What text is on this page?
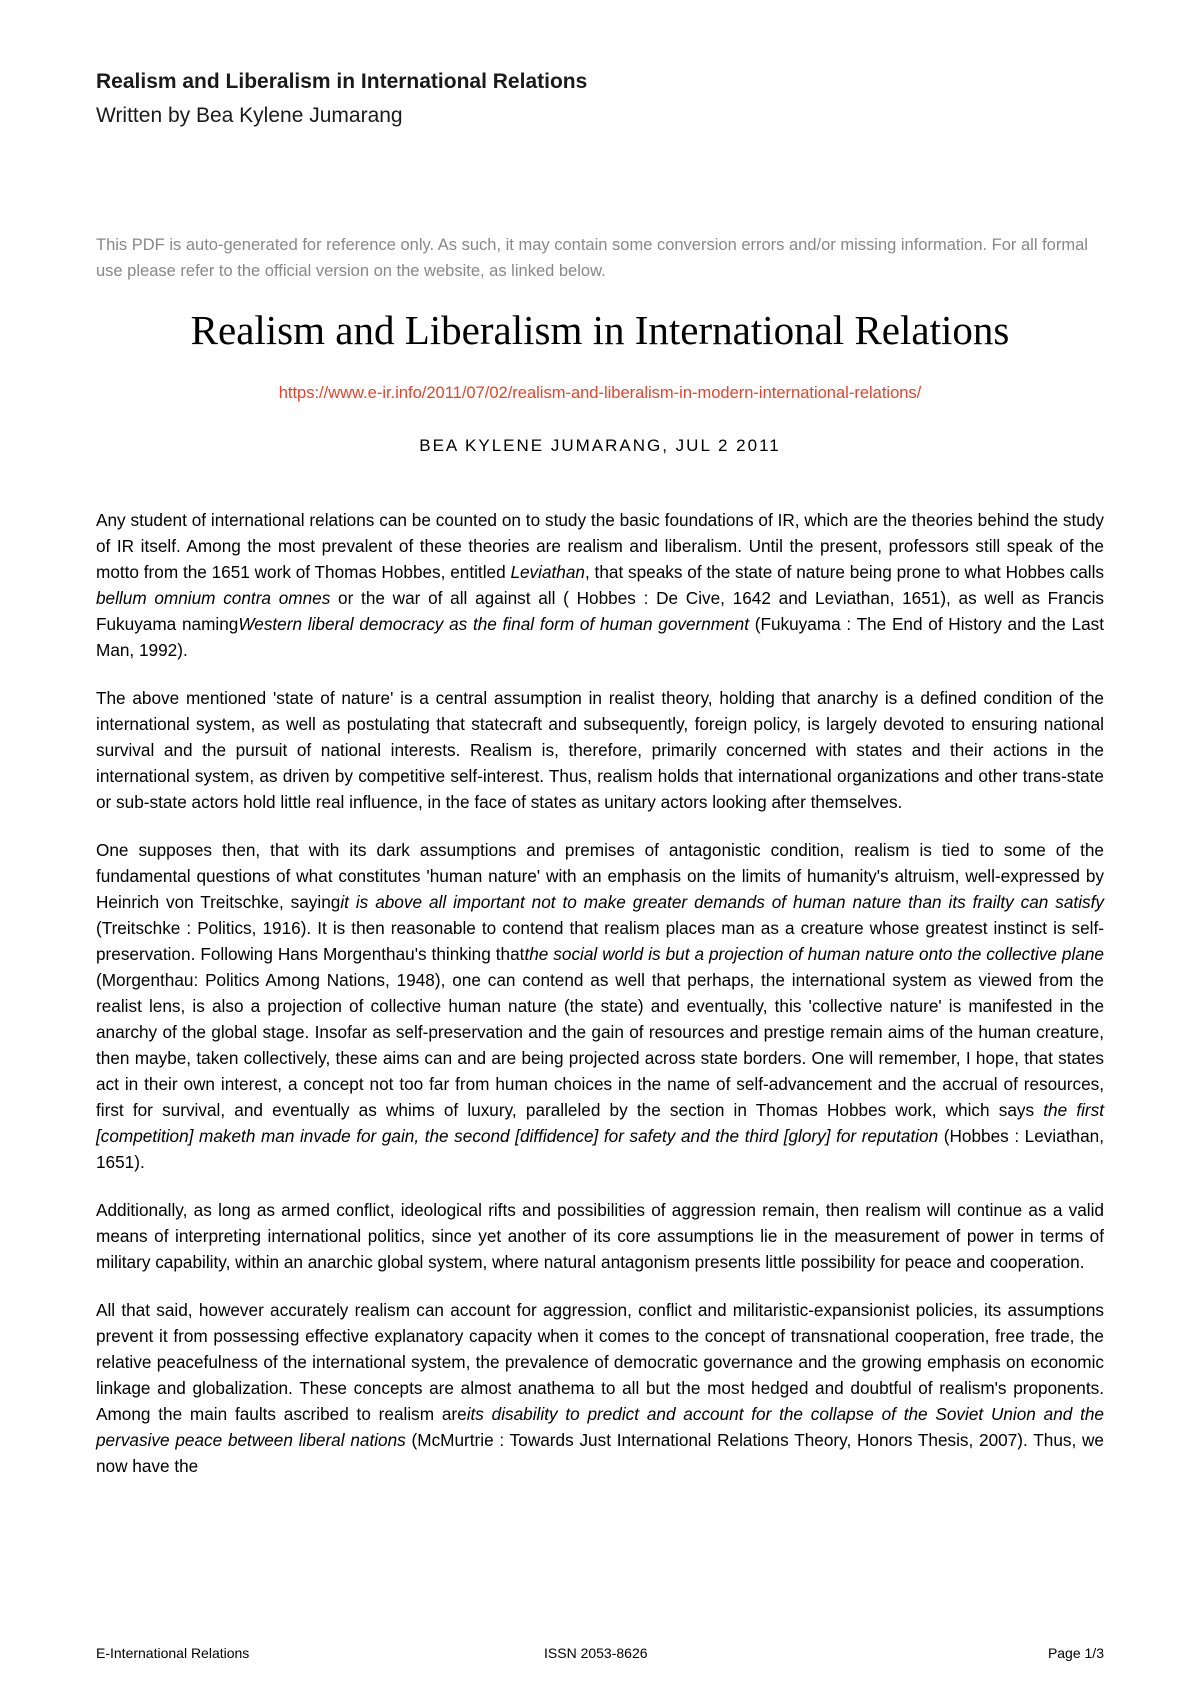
Realism and Liberalism in International Relations
Written by Bea Kylene Jumarang
This PDF is auto-generated for reference only. As such, it may contain some conversion errors and/or missing information. For all formal use please refer to the official version on the website, as linked below.
Realism and Liberalism in International Relations
https://www.e-ir.info/2011/07/02/realism-and-liberalism-in-modern-international-relations/
BEA KYLENE JUMARANG, JUL 2 2011

Any student of international relations can be counted on to study the basic foundations of IR, which are the theories behind the study of IR itself. Among the most prevalent of these theories are realism and liberalism. Until the present, professors still speak of the motto from the 1651 work of Thomas Hobbes, entitled Leviathan, that speaks of the state of nature being prone to what Hobbes calls bellum omnium contra omnes or the war of all against all ( Hobbes : De Cive, 1642 and Leviathan, 1651), as well as Francis Fukuyama namingWestern liberal democracy as the final form of human government (Fukuyama : The End of History and the Last Man, 1992).

The above mentioned 'state of nature' is a central assumption in realist theory, holding that anarchy is a defined condition of the international system, as well as postulating that statecraft and subsequently, foreign policy, is largely devoted to ensuring national survival and the pursuit of national interests. Realism is, therefore, primarily concerned with states and their actions in the international system, as driven by competitive self-interest. Thus, realism holds that international organizations and other trans-state or sub-state actors hold little real influence, in the face of states as unitary actors looking after themselves.

One supposes then, that with its dark assumptions and premises of antagonistic condition, realism is tied to some of the fundamental questions of what constitutes 'human nature' with an emphasis on the limits of humanity's altruism, well-expressed by Heinrich von Treitschke, sayingit is above all important not to make greater demands of human nature than its frailty can satisfy (Treitschke : Politics, 1916). It is then reasonable to contend that realism places man as a creature whose greatest instinct is self-preservation. Following Hans Morgenthau's thinking thatthe social world is but a projection of human nature onto the collective plane (Morgenthau: Politics Among Nations, 1948), one can contend as well that perhaps, the international system as viewed from the realist lens, is also a projection of collective human nature (the state) and eventually, this 'collective nature' is manifested in the anarchy of the global stage. Insofar as self-preservation and the gain of resources and prestige remain aims of the human creature, then maybe, taken collectively, these aims can and are being projected across state borders. One will remember, I hope, that states act in their own interest, a concept not too far from human choices in the name of self-advancement and the accrual of resources, first for survival, and eventually as whims of luxury, paralleled by the section in Thomas Hobbes work, which says the first [competition] maketh man invade for gain, the second [diffidence] for safety and the third [glory] for reputation (Hobbes : Leviathan, 1651).

Additionally, as long as armed conflict, ideological rifts and possibilities of aggression remain, then realism will continue as a valid means of interpreting international politics, since yet another of its core assumptions lie in the measurement of power in terms of military capability, within an anarchic global system, where natural antagonism presents little possibility for peace and cooperation.

All that said, however accurately realism can account for aggression, conflict and militaristic-expansionist policies, its assumptions prevent it from possessing effective explanatory capacity when it comes to the concept of transnational cooperation, free trade, the relative peacefulness of the international system, the prevalence of democratic governance and the growing emphasis on economic linkage and globalization. These concepts are almost anathema to all but the most hedged and doubtful of realism's proponents. Among the main faults ascribed to realism areits disability to predict and account for the collapse of the Soviet Union and the pervasive peace between liberal nations (McMurtrie : Towards Just International Relations Theory, Honors Thesis, 2007). Thus, we now have the

E-International Relations	ISSN 2053-8626	Page 1/3
